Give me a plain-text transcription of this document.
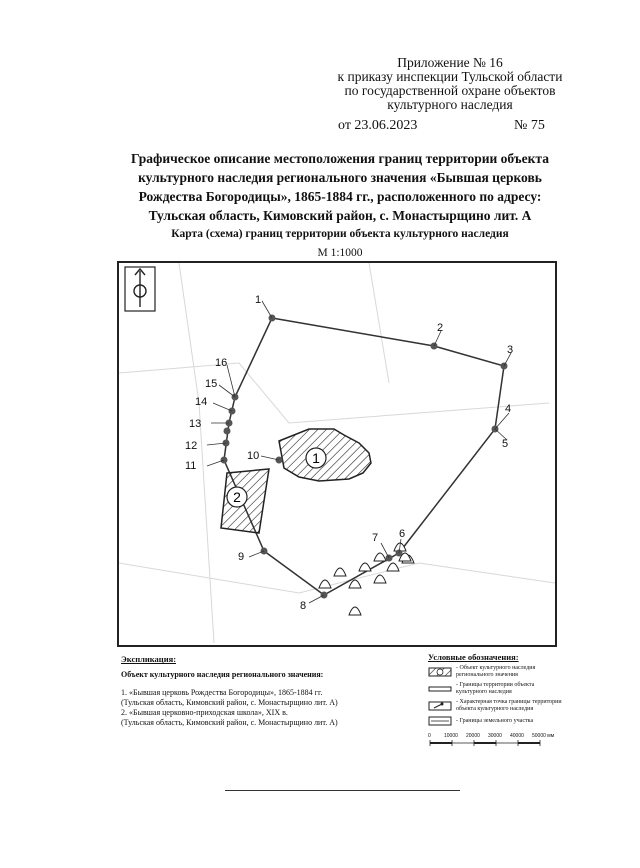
Приложение № 16
к приказу инспекции Тульской области
по государственной охране объектов
культурного наследия
от 23.06.2023	№ 75
Графическое описание местоположения границ территории объекта
культурного наследия регионального значения «Бывшая церковь
Рождества Богородицы», 1865-1884 гг., расположенного по адресу:
Тульская область, Кимовский район, с. Монастырщино лит. А
Карта (схема) границ территории объекта культурного наследия
М 1:1000
1
2
3
4
5
6
7
8
9
10
11
12
13
14
15
16
1
2
Экспликация:
Объект культурного наследия регионального значения:
1. «Бывшая церковь Рождества Богородицы», 1865-1884 гг.
(Тульская область, Кимовский район, с. Монастырщино лит. А)
2. «Бывшая церковно-приходская школа», XIX в.
(Тульская область, Кимовский район, с. Монастырщино лит. А)
Условные обозначения:
- Объект культурного наследия регионального значения
- Границы территории объекта культурного наследия
- Характерная точка границы территории объекта культурного наследия
- Границы земельного участка
0	10000 20000 30000 40000 50000 мм
